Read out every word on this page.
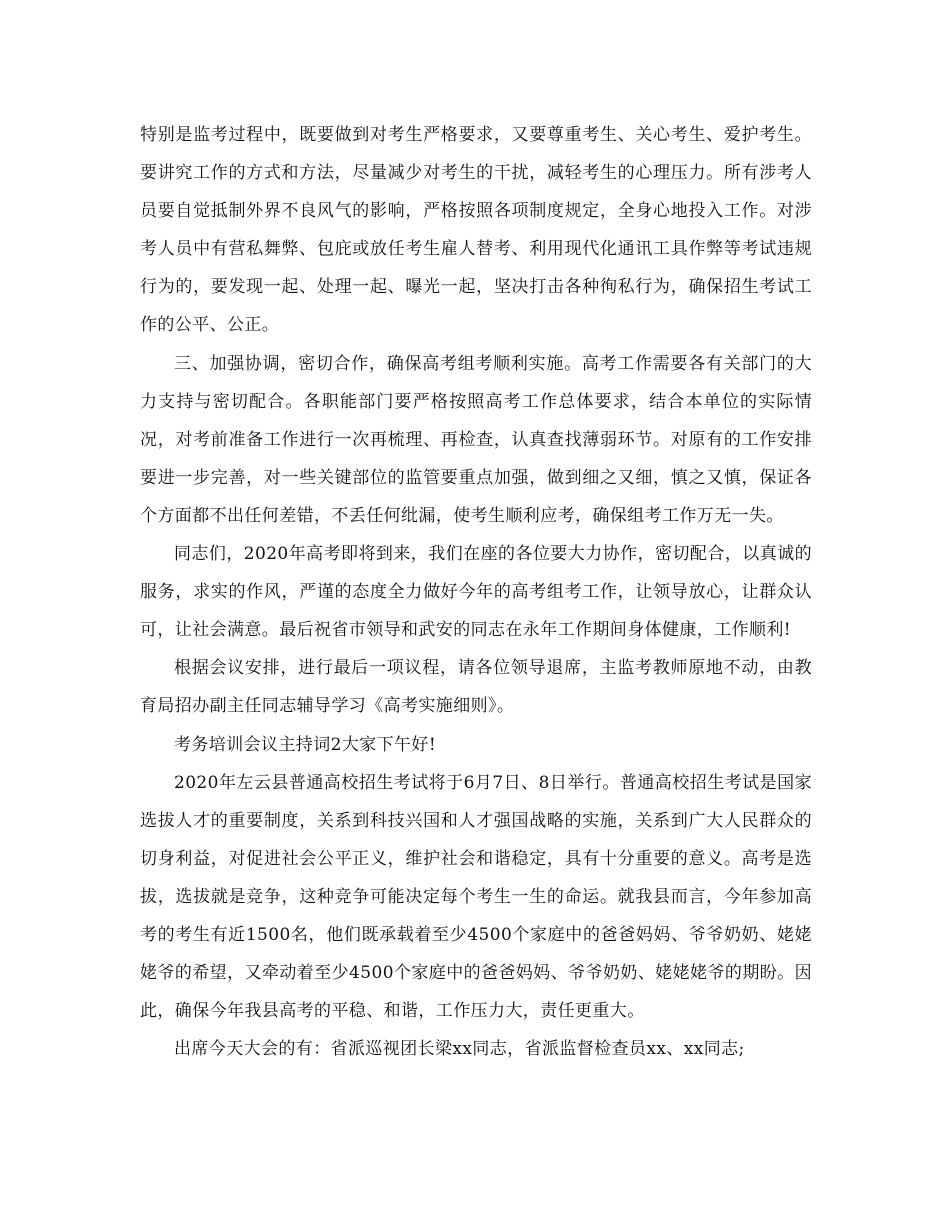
特别是监考过程中，既要做到对考生严格要求，又要尊重考生、关心考生、爱护考生。要讲究工作的方式和方法，尽量减少对考生的干扰，减轻考生的心理压力。所有涉考人员要自觉抵制外界不良风气的影响，严格按照各项制度规定，全身心地投入工作。对涉考人员中有营私舞弊、包庇或放任考生雇人替考、利用现代化通讯工具作弊等考试违规行为的，要发现一起、处理一起、曝光一起，坚决打击各种徇私行为，确保招生考试工作的公平、公正。

三、加强协调，密切合作，确保高考组考顺利实施。高考工作需要各有关部门的大力支持与密切配合。各职能部门要严格按照高考工作总体要求，结合本单位的实际情况，对考前准备工作进行一次再梳理、再检查，认真查找薄弱环节。对原有的工作安排要进一步完善，对一些关键部位的监管要重点加强，做到细之又细，慎之又慎，保证各个方面都不出任何差错，不丢任何纰漏，使考生顺利应考，确保组考工作万无一失。

同志们，2020年高考即将到来，我们在座的各位要大力协作，密切配合，以真诚的服务，求实的作风，严谨的态度全力做好今年的高考组考工作，让领导放心，让群众认可，让社会满意。最后祝省市领导和武安的同志在永年工作期间身体健康，工作顺利!

根据会议安排，进行最后一项议程，请各位领导退席，主监考教师原地不动，由教育局招办副主任同志辅导学习《高考实施细则》。

考务培训会议主持词2大家下午好!

2020年左云县普通高校招生考试将于6月7日、8日举行。普通高校招生考试是国家选拔人才的重要制度，关系到科技兴国和人才强国战略的实施，关系到广大人民群众的切身利益，对促进社会公平正义，维护社会和谐稳定，具有十分重要的意义。高考是选拔，选拔就是竞争，这种竞争可能决定每个考生一生的命运。就我县而言，今年参加高考的考生有近1500名，他们既承载着至少4500个家庭中的爸爸妈妈、爷爷奶奶、姥姥姥爷的希望，又牵动着至少4500个家庭中的爸爸妈妈、爷爷奶奶、姥姥姥爷的期盼。因此，确保今年我县高考的平稳、和谐，工作压力大，责任更重大。

出席今天大会的有：省派巡视团长梁xx同志，省派监督检查员xx、xx同志;
